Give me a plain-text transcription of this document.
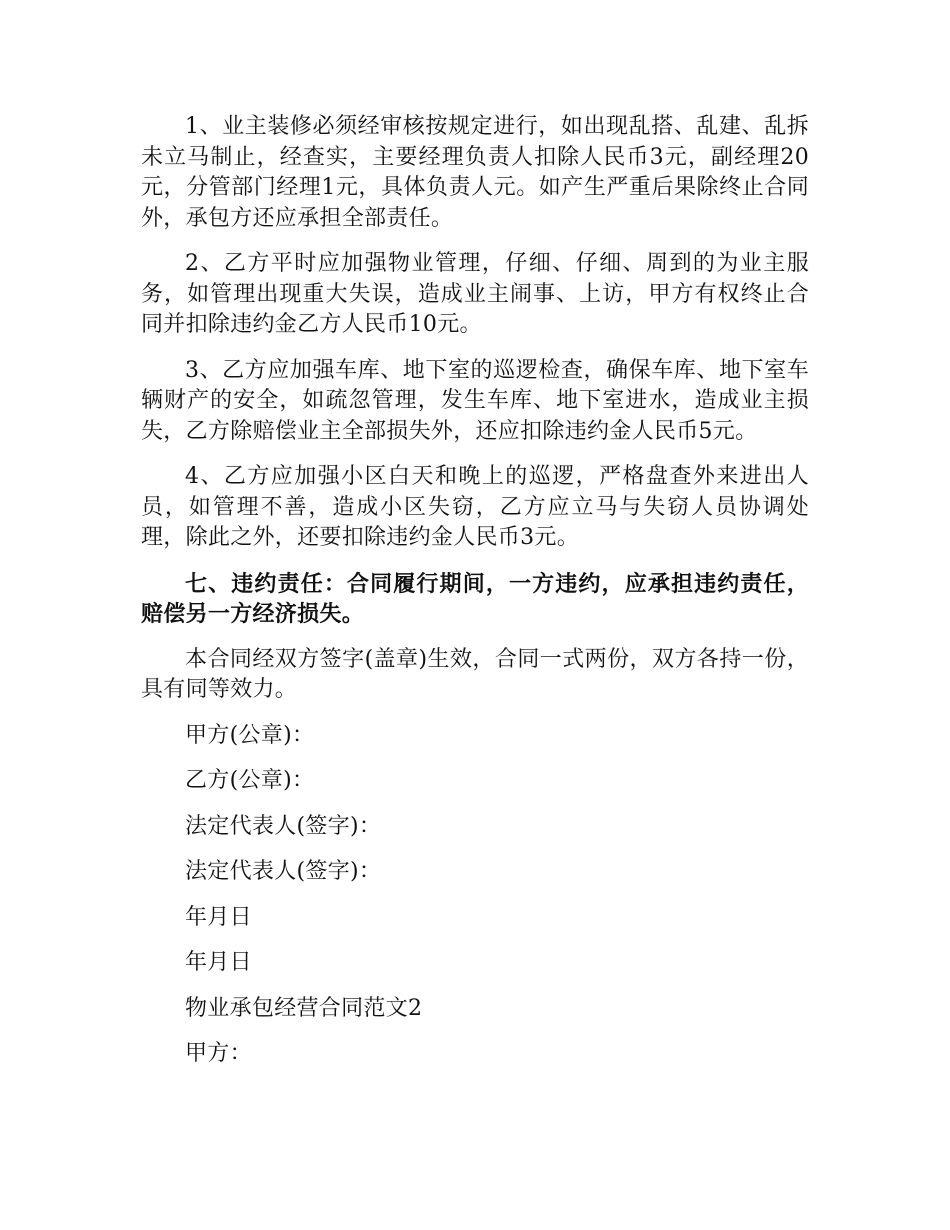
1、业主装修必须经审核按规定进行，如出现乱搭、乱建、乱拆未立马制止，经查实，主要经理负责人扣除人民币3元，副经理20元，分管部门经理1元，具体负责人元。如产生严重后果除终止合同外，承包方还应承担全部责任。

2、乙方平时应加强物业管理，仔细、仔细、周到的为业主服务，如管理出现重大失误，造成业主闹事、上访，甲方有权终止合同并扣除违约金乙方人民币10元。

3、乙方应加强车库、地下室的巡逻检查，确保车库、地下室车辆财产的安全，如疏忽管理，发生车库、地下室进水，造成业主损失，乙方除赔偿业主全部损失外，还应扣除违约金人民币5元。

4、乙方应加强小区白天和晚上的巡逻，严格盘查外来进出人员，如管理不善，造成小区失窃，乙方应立马与失窃人员协调处理，除此之外，还要扣除违约金人民币3元。

七、违约责任：合同履行期间，一方违约，应承担违约责任，赔偿另一方经济损失。

本合同经双方签字(盖章)生效，合同一式两份，双方各持一份，具有同等效力。

甲方(公章)：

乙方(公章)：

法定代表人(签字)：

法定代表人(签字)：

年月日

年月日

物业承包经营合同范文2

甲方：
